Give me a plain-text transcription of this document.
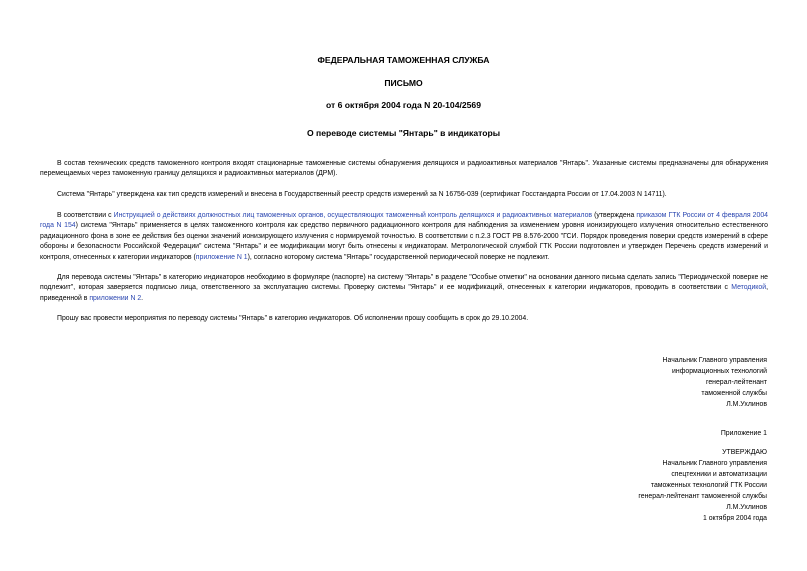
ФЕДЕРАЛЬНАЯ ТАМОЖЕННАЯ СЛУЖБА
ПИСЬМО
от 6 октября 2004 года N 20-104/2569
О переводе системы "Янтарь" в индикаторы
В состав технических средств таможенного контроля входят стационарные таможенные системы обнаружения делящихся и радиоактивных материалов "Янтарь". Указанные системы предназначены для обнаружения перемещаемых через таможенную границу делящихся и радиоактивных материалов (ДРМ).
Система "Янтарь" утверждена как тип средств измерений и внесена в Государственный реестр средств измерений за N 16756-039 (сертификат Госстандарта России от 17.04.2003 N 14711).
В соответствии с Инструкцией о действиях должностных лиц таможенных органов, осуществляющих таможенный контроль делящихся и радиоактивных материалов (утверждена приказом ГТК России от 4 февраля 2004 года N 154) система "Янтарь" применяется в целях таможенного контроля как средство первичного радиационного контроля для наблюдения за изменением уровня ионизирующего излучения относительно естественного радиационного фона в зоне ее действия без оценки значений ионизирующего излучения с нормируемой точностью. В соответствии с п.2.3 ГОСТ РВ 8.576-2000 "ГСИ. Порядок проведения поверки средств измерений в сфере обороны и безопасности Российской Федерации" система "Янтарь" и ее модификации могут быть отнесены к индикаторам. Метрологической службой ГТК России подготовлен и утвержден Перечень средств измерений и контроля, отнесенных к категории индикаторов (приложение N 1), согласно которому система "Янтарь" государственной периодической поверке не подлежит.
Для перевода системы "Янтарь" в категорию индикаторов необходимо в формуляре (паспорте) на систему "Янтарь" в разделе "Особые отметки" на основании данного письма сделать запись "Периодической поверке не подлежит", которая заверяется подписью лица, ответственного за эксплуатацию системы. Проверку системы "Янтарь" и ее модификаций, отнесенных к категории индикаторов, проводить в соответствии с Методикой, приведенной в приложении N 2.
Прошу вас провести мероприятия по переводу системы "Янтарь" в категорию индикаторов. Об исполнении прошу сообщить в срок до 29.10.2004.
Начальник Главного управления
информационных технологий
генерал-лейтенант
таможенной службы
Л.М.Ухлинов
Приложение 1
УТВЕРЖДАЮ
Начальник Главного управления
спецтехники и автоматизации
таможенных технологий ГТК России
генерал-лейтенант таможенной службы
Л.М.Ухлинов
1 октября 2004 года
